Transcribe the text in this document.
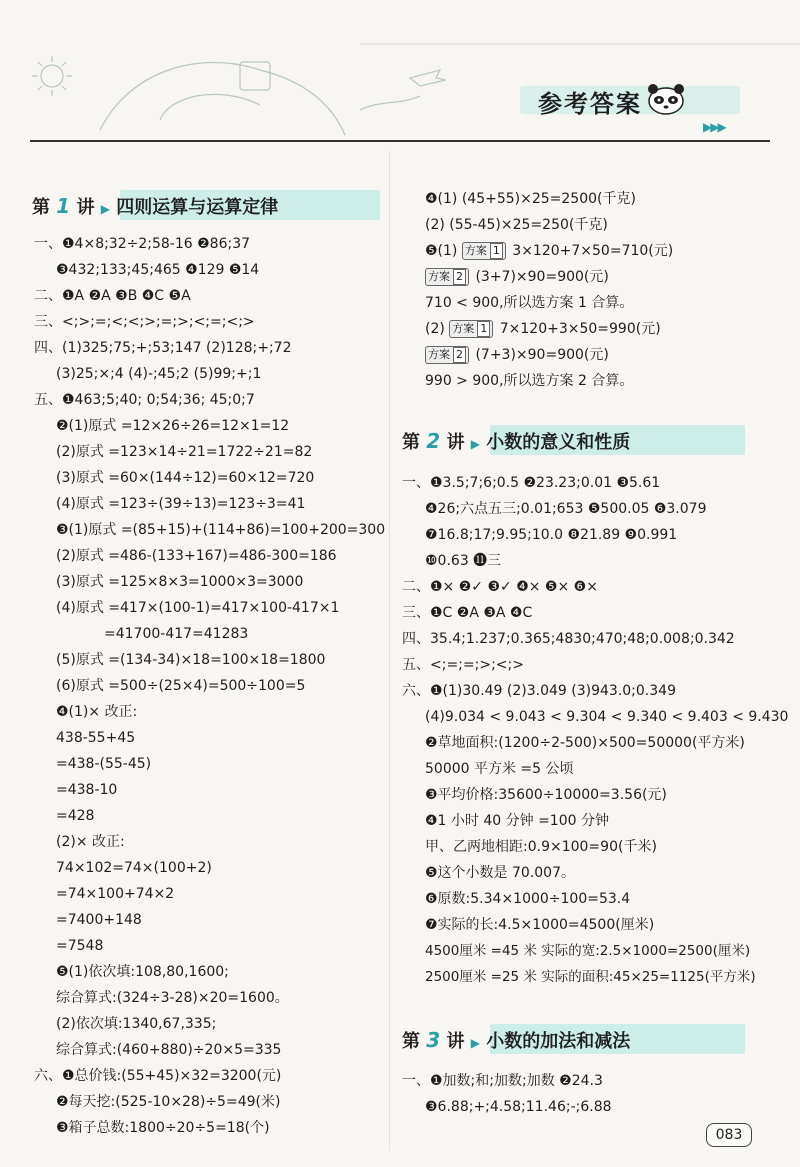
参考答案
▶▶▶
第 1 讲 ▶ 四则运算与运算定律
第 2 讲 ▶ 小数的意义和性质
第 3 讲 ▶ 小数的加法和减法
一、❶4×8;32÷2;58-16 ❷86;37
❸432;133;45;465 ❹129 ❺14
二、❶A ❷A ❸B ❹C ❺A
三、<;>;=;<;<;>;=;>;<;=;<;>
四、(1)325;75;+;53;147 (2)128;+;72
(3)25;×;4 (4)-;45;2 (5)99;+;1
五、❶463;5;40; 0;54;36; 45;0;7
❷(1)原式 =12×26÷26=12×1=12
(2)原式 =123×14÷21=1722÷21=82
(3)原式 =60×(144÷12)=60×12=720
(4)原式 =123÷(39÷13)=123÷3=41
❸(1)原式 =(85+15)+(114+86)=100+200=300
(2)原式 =486-(133+167)=486-300=186
(3)原式 =125×8×3=1000×3=3000
(4)原式 =417×(100-1)=417×100-417×1
=41700-417=41283
(5)原式 =(134-34)×18=100×18=1800
(6)原式 =500÷(25×4)=500÷100=5
❹(1)× 改正:
438-55+45
=438-(55-45)
=438-10
=428
(2)× 改正:
74×102=74×(100+2)
=74×100+74×2
=7400+148
=7548
❺(1)依次填:108,80,1600;
综合算式:(324÷3-28)×20=1600。
(2)依次填:1340,67,335;
综合算式:(460+880)÷20×5=335
六、❶总价钱:(55+45)×32=3200(元)
❷每天挖:(525-10×28)÷5=49(米)
❸箱子总数:1800÷20÷5=18(个)
❹(1) (45+55)×25=2500(千克)
(2) (55-45)×25=250(千克)
❺(1) 方案 1 3×120+7×50=710(元)
方案 2 (3+7)×90=900(元)
710 < 900,所以选方案 1 合算。
(2) 方案 1 7×120+3×50=990(元)
方案 2 (7+3)×90=900(元)
990 > 900,所以选方案 2 合算。
一、❶3.5;7;6;0.5 ❷23.23;0.01 ❸5.61
❹26;六点五三;0.01;653 ❺500.05 ❻3.079
❼16.8;17;9.95;10.0 ❽21.89 ❾0.991
❿0.63 ⓫三
二、❶× ❷✓ ❸✓ ❹× ❺× ❻×
三、❶C ❷A ❸A ❹C
四、35.4;1.237;0.365;4830;470;48;0.008;0.342
五、<;=;=;>;<;>
六、❶(1)30.49 (2)3.049 (3)943.0;0.349
(4)9.034 < 9.043 < 9.304 < 9.340 < 9.403 < 9.430
❷草地面积:(1200÷2-500)×500=50000(平方米)
50000 平方米 =5 公顷
❸平均价格:35600÷10000=3.56(元)
❹1 小时 40 分钟 =100 分钟
甲、乙两地相距:0.9×100=90(千米)
❺这个小数是 70.007。
❻原数:5.34×1000÷100=53.4
❼实际的长:4.5×1000=4500(厘米)
4500厘米 =45 米 实际的宽:2.5×1000=2500(厘米)
2500厘米 =25 米 实际的面积:45×25=1125(平方米)
一、❶加数;和;加数;加数 ❷24.3
❸6.88;+;4.58;11.46;-;6.88
083
